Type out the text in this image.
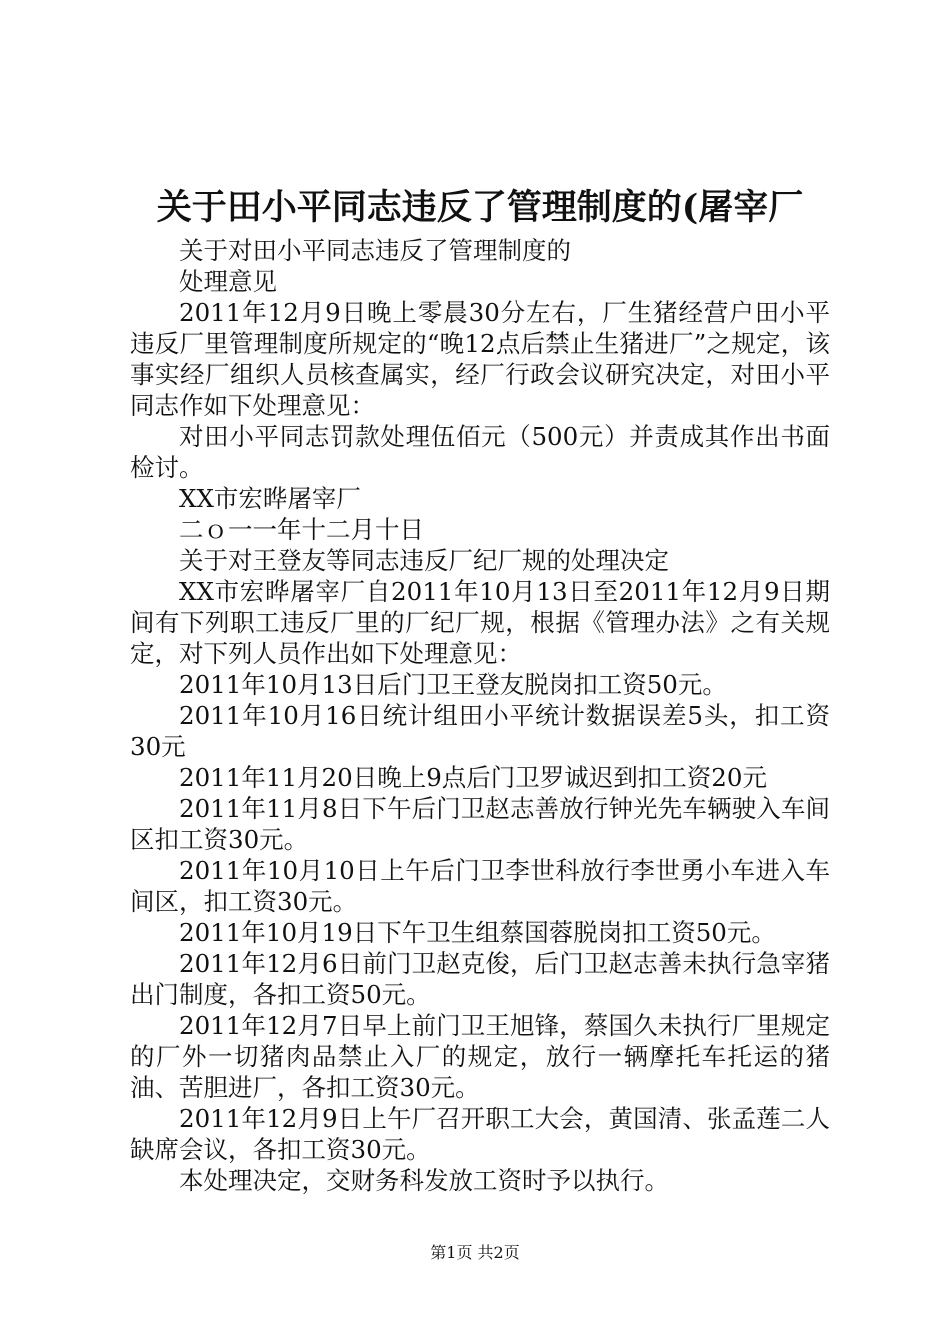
关于田小平同志违反了管理制度的(屠宰厂

关于对田小平同志违反了管理制度的

处理意见

2011年12月9日晚上零晨30分左右，厂生猪经营户田小平违反厂里管理制度所规定的“晚12点后禁止生猪进厂”之规定，该事实经厂组织人员核查属实，经厂行政会议研究决定，对田小平同志作如下处理意见：

对田小平同志罚款处理伍佰元（500元）并责成其作出书面检讨。

XX市宏晔屠宰厂

二ｏ一一年十二月十日

关于对王登友等同志违反厂纪厂规的处理决定

XX市宏晔屠宰厂自2011年10月13日至2011年12月9日期间有下列职工违反厂里的厂纪厂规，根据《管理办法》之有关规定，对下列人员作出如下处理意见：

2011年10月13日后门卫王登友脱岗扣工资50元。

2011年10月16日统计组田小平统计数据误差5头，扣工资30元

2011年11月20日晚上9点后门卫罗诚迟到扣工资20元

2011年11月8日下午后门卫赵志善放行钟光先车辆驶入车间区扣工资30元。

2011年10月10日上午后门卫李世科放行李世勇小车进入车间区，扣工资30元。

2011年10月19日下午卫生组蔡国蓉脱岗扣工资50元。

2011年12月6日前门卫赵克俊，后门卫赵志善未执行急宰猪出门制度，各扣工资50元。

2011年12月7日早上前门卫王旭锋，蔡国久未执行厂里规定的厂外一切猪肉品禁止入厂的规定，放行一辆摩托车托运的猪油、苦胆进厂，各扣工资30元。

2011年12月9日上午厂召开职工大会，黄国清、张孟莲二人缺席会议，各扣工资30元。

本处理决定，交财务科发放工资时予以执行。

第1页 共2页
